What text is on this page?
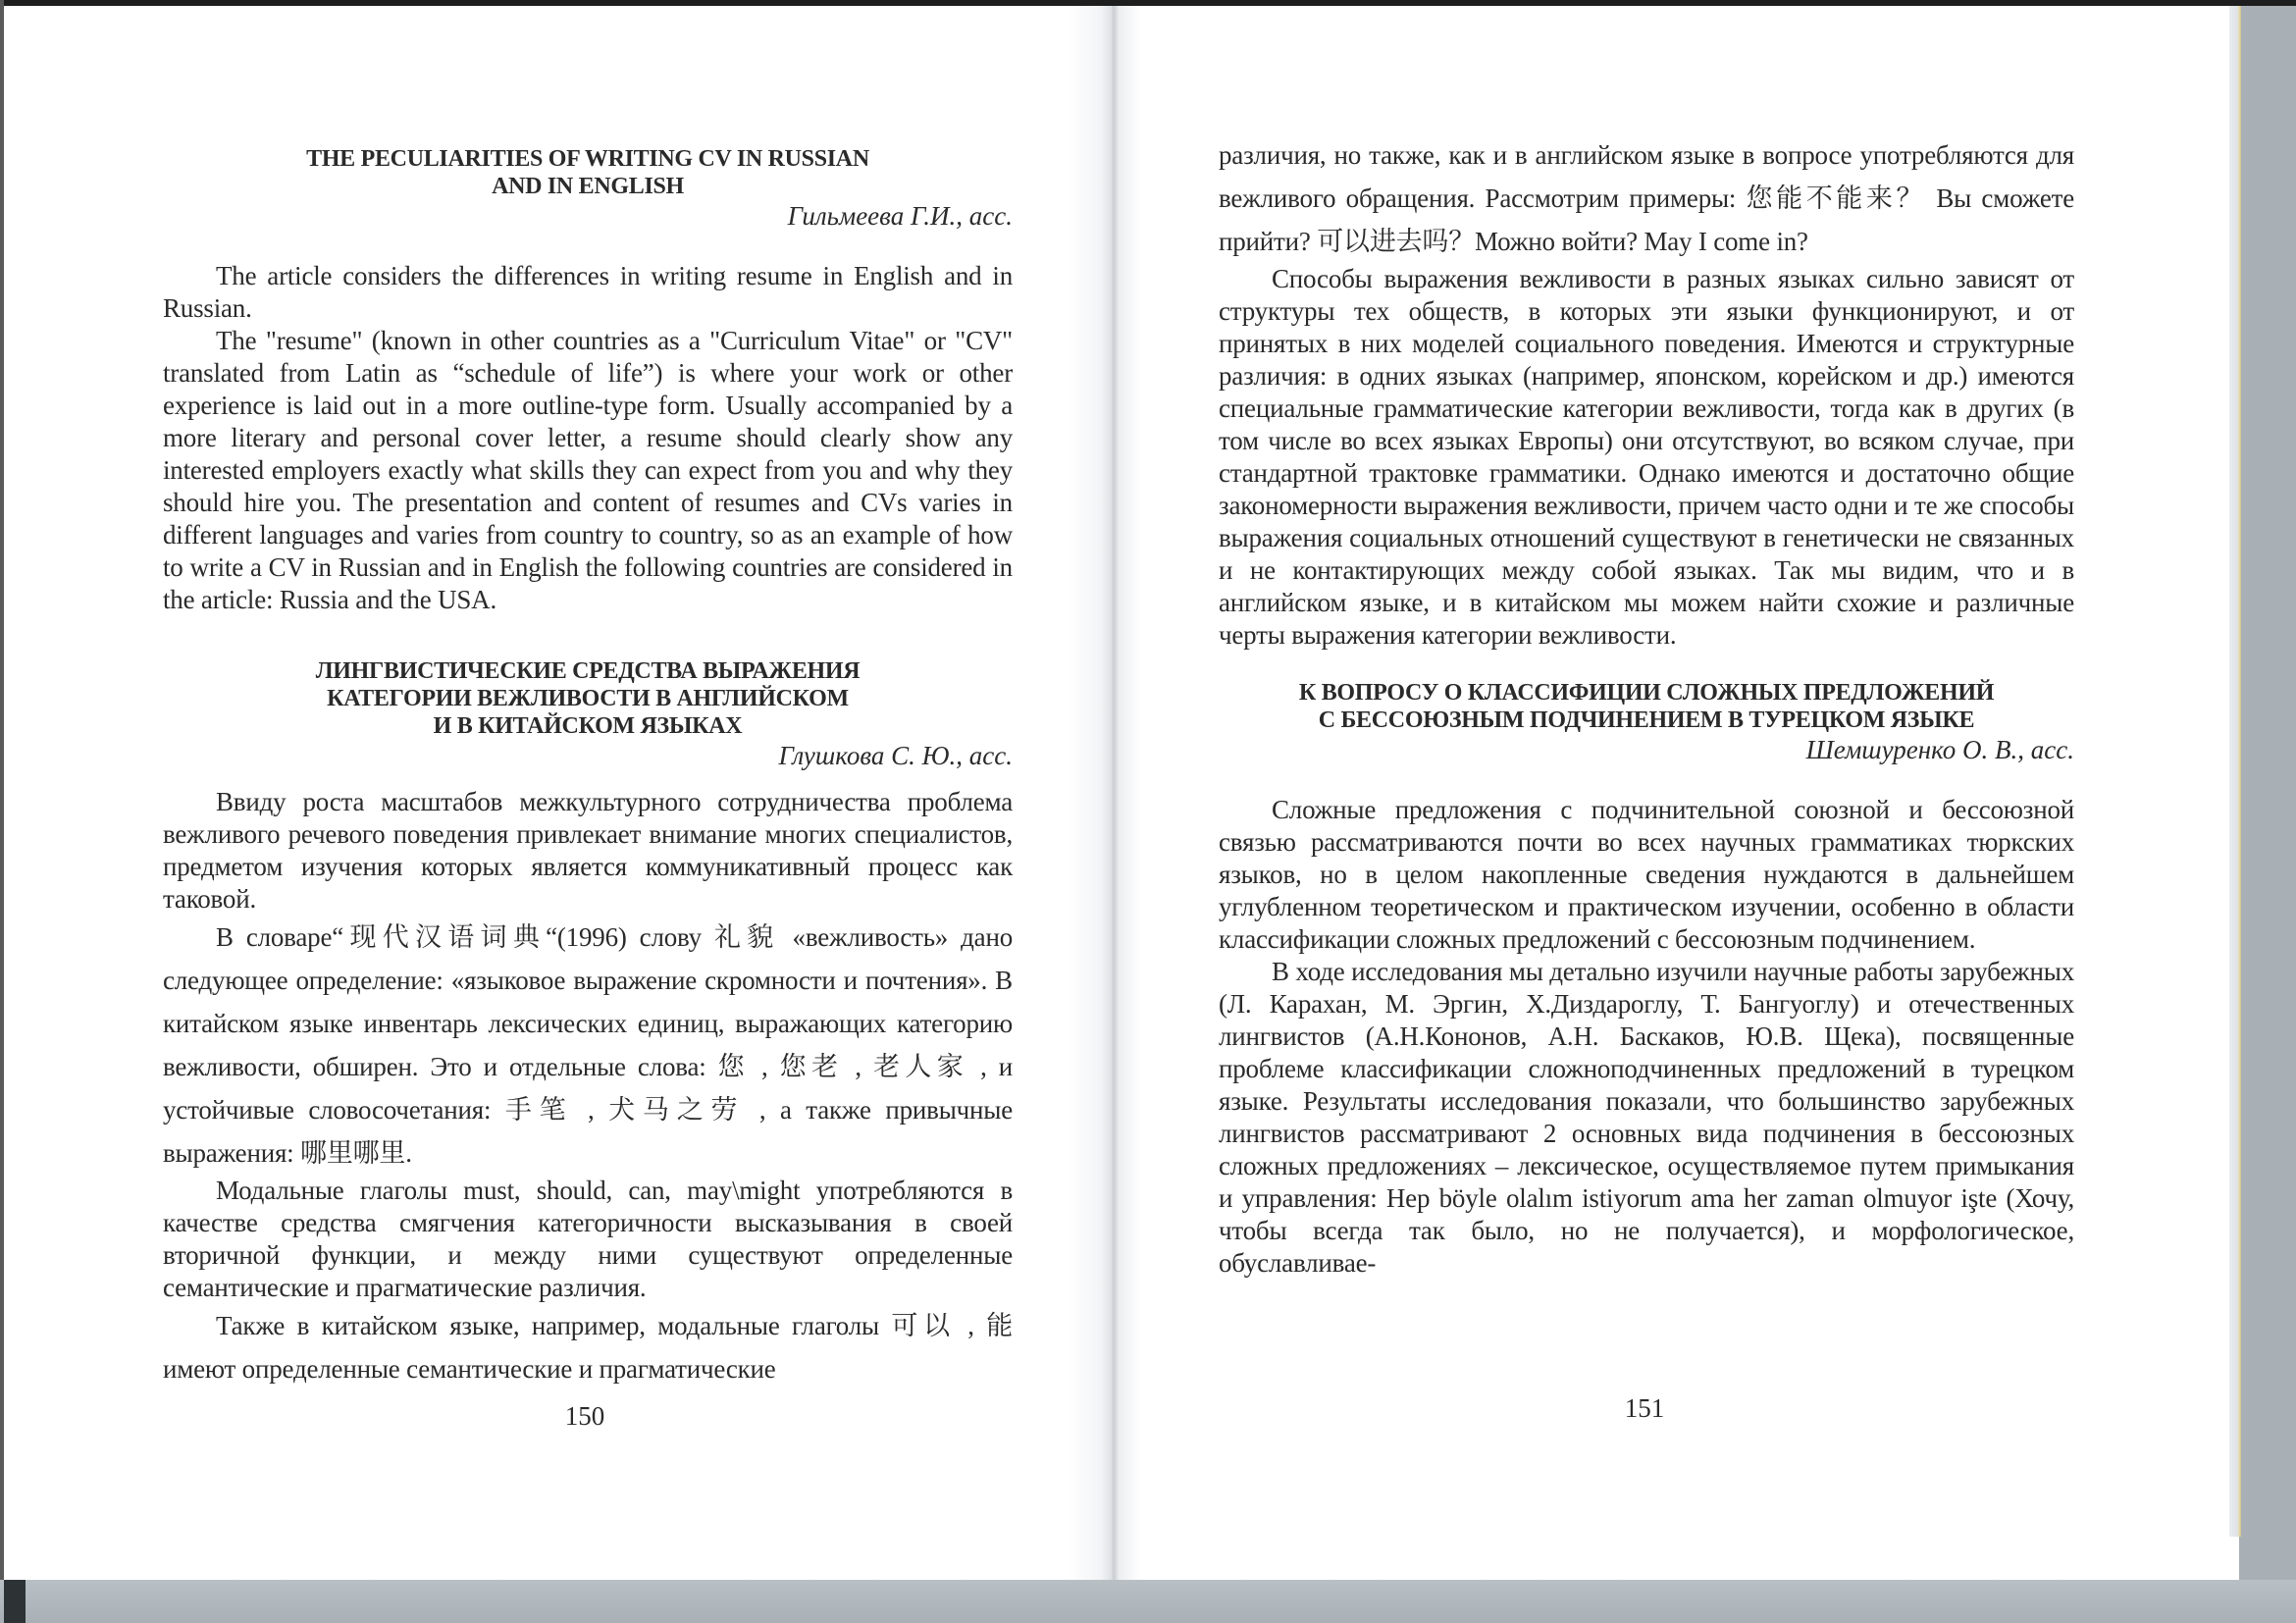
THE PECULIARITIES OF WRITING CV IN RUSSIAN
AND IN ENGLISH

Гильмеева Г.И., асс.

The article considers the differences in writing resume in English and in Russian.

The "resume" (known in other countries as a "Curriculum Vitae" or "CV" translated from Latin as “schedule of life”) is where your work or other experience is laid out in a more outline-type form. Usually accompanied by a more literary and personal cover letter, a resume should clearly show any interested employers exactly what skills they can expect from you and why they should hire you. The presentation and content of resumes and CVs varies in different languages and varies from country to country, so as an example of how to write a CV in Russian and in English the following countries are considered in the article: Russia and the USA.

ЛИНГВИСТИЧЕСКИЕ СРЕДСТВА ВЫРАЖЕНИЯ
КАТЕГОРИИ ВЕЖЛИВОСТИ В АНГЛИЙСКОМ
И В КИТАЙСКОМ ЯЗЫКАХ

Глушкова С. Ю., асс.

Ввиду роста масштабов межкультурного сотрудничества проблема вежливого речевого поведения привлекает внимание многих специалистов, предметом изучения которых является коммуникативный процесс как таковой.

В словаре“现代汉语词典“(1996) слову 礼貌 «вежливость» дано следующее определение: «языковое выражение скромности и почтения». В китайском языке инвентарь лексических единиц, выражающих категорию вежливости, обширен. Это и отдельные слова: 您 , 您老 , 老人家 , и устойчивые словосочетания: 手笔 , 犬马之劳 , а также привычные выражения: 哪里哪里.

Модальные глаголы must, should, can, may\might употребляются в качестве средства смягчения категоричности высказывания в своей вторичной функции, и между ними существуют определенные семантические и прагматические различия.

Также в китайском языке, например, модальные глаголы 可以 , 能 имеют определенные семантические и прагматические

150

различия, но также, как и в английском языке в вопросе употребляются для вежливого обращения. Рассмотрим примеры: 您能不能来？ Вы сможете прийти? 可以进去吗？Можно войти? May I come in?

Способы выражения вежливости в разных языках сильно зависят от структуры тех обществ, в которых эти языки функционируют, и от принятых в них моделей социального поведения. Имеются и структурные различия: в одних языках (например, японском, корейском и др.) имеются специальные грамматические категории вежливости, тогда как в других (в том числе во всех языках Европы) они отсутствуют, во всяком случае, при стандартной трактовке грамматики. Однако имеются и достаточно общие закономерности выражения вежливости, причем часто одни и те же способы выражения социальных отношений существуют в генетически не связанных и не контактирующих между собой языках. Так мы видим, что и в английском языке, и в китайском мы можем найти схожие и различные черты выражения категории вежливости.

К ВОПРОСУ О КЛАССИФИЦИИ СЛОЖНЫХ ПРЕДЛОЖЕНИЙ
С БЕССОЮЗНЫМ ПОДЧИНЕНИЕМ В ТУРЕЦКОМ ЯЗЫКЕ

Шемшуренко О. В., асс.

Сложные предложения с подчинительной союзной и бессоюзной связью рассматриваются почти во всех научных грамматиках тюркских языков, но в целом накопленные сведения нуждаются в дальнейшем углубленном теоретическом и практическом изучении, особенно в области классификации сложных предложений с бессоюзным подчинением.

В ходе исследования мы детально изучили научные работы зарубежных (Л. Карахан, М. Эргин, Х.Диздароглу, Т. Бангуоглу) и отечественных лингвистов (А.Н.Кононов, А.Н. Баскаков, Ю.В. Щека), посвященные проблеме классификации сложноподчиненных предложений в турецком языке. Результаты исследования показали, что большинство зарубежных лингвистов рассматривают 2 основных вида подчинения в бессоюзных сложных предложениях – лексическое, осуществляемое путем примыкания и управления: Нер böyle olalım istiyorum ama her zaman olmuyor işte (Хочу, чтобы всегда так было, но не получается), и морфологическое, обуславливае-

151
